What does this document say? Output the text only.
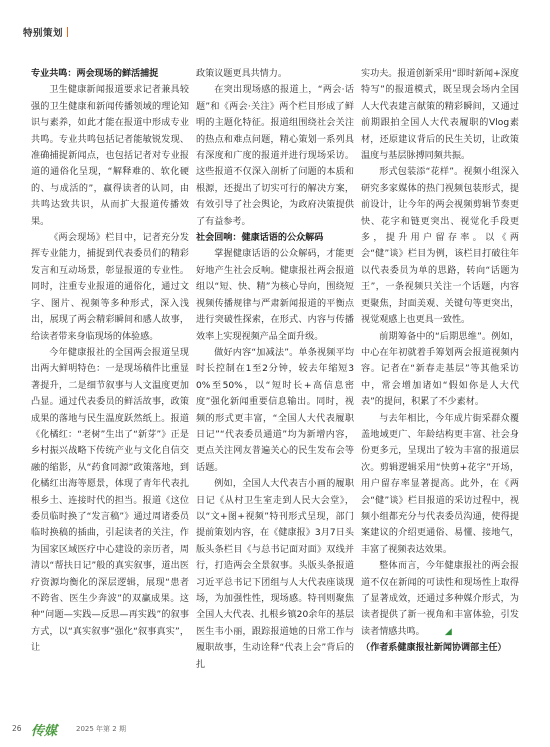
特别策划
专业共鸣：两会现场的鲜活捕捉

卫生健康新闻报道要求记者兼具较强的卫生健康和新闻传播领域的理论知识与素养，如此才能在报道中形成专业共鸣。专业共鸣包括记者能敏锐发现、准确捕捉新闻点，也包括记者对专业报道的通俗化呈现，“解释难的、软化硬的、与成活的”，赢得读者的认同，由共鸣达致共识，从而扩大报道传播效果。

《两会现场》栏目中，记者充分发挥专业能力，捕捉到代表委员们的精彩发言和互动场景，彰显报道的专业性。同时，注重专业报道的通俗化，通过文字、图片、视频等多种形式，深入浅出，展现了两会精彩瞬间和感人故事，给读者带来身临现场的体验感。

今年健康报社的全国两会报道呈现出两大鲜明特色：一是现场稿件比重显著提升，二是细节叙事与人文温度更加凸显。通过代表委员的鲜活故事，政策成果的落地与民生温度跃然纸上。报道《化橘红：“老树”生出了“新芽”》正是乡村振兴战略下传统产业与文化自信交融的缩影，从“药食同源”政策落地，到化橘红出海等愿景，体现了青年代表扎根乡土、连接时代的担当。报道《这位委员临时换了“发言稿”》通过周诸委员临时换稿的插曲，引起读者的关注，作为国家区域医疗中心建设的亲历者，周清以“帮扶日记”般的真实叙事，道出医疗资源均衡化的深层逻辑，展现“患者不跨省、医生少奔波”的双赢成果。这种“问题—实践—反思—再实践”的叙事方式，以“真实叙事”强化“叙事真实”，让

政策议题更具共情力。

在突出现场感的报道上，“两会·话题”和《两会·关注》两个栏目形成了鲜明的主题化特征。报道组围绕社会关注的热点和难点问题，精心策划一系列具有深度和广度的报道并进行现场采访。这些报道不仅深入剖析了问题的本质和根源，还提出了切实可行的解决方案，有效引导了社会舆论，为政府决策提供了有益参考。

社会回响：健康话语的公众解码

掌握健康话语的公众解码，才能更好地产生社会反响。健康报社两会报道组以“短、快、精”为核心导向，围绕短视频传播规律与严肃新闻报道的平衡点进行突破性探索，在形式、内容与传播效率上实现视频产品全面升级。

做好内容“加减法”。单条视频平均时长控制在1至2分钟，较去年缩短30%至50%，以“短时长+高信息密度”强化新闻重要信息输出。同时，视频的形式更丰富，“全国人大代表履职日记”“代表委员通道”均为新增内容，更点关注网友普遍关心的民生发布会等话题。

例如，全国人大代表吉小画的履职日记《从村卫生室走到人民大会堂》，以“文+图+视频”特刊形式呈现，部门提前策划内容，在《健康报》3月7日头版头条栏目《与总书记面对面》双线并行，打造两会全景叙事。头版头条报道习近平总书记下团组与人大代表座谈现场，为加强性性，现场感。特刊则聚焦全国人大代表、扎根乡镇20余年的基层医生韦小丽，跟踪报道她的日常工作与履职故事，生动诠释“代表上会”背后的扎

实功夫。报道创新采用“即时新闻+深度特写”的报道模式，既呈现会场内全国人大代表建言献策的精彩瞬间，又通过前期跟拍全国人大代表履职的Vlog素材，还原建议背后的民生关切，让政策温度与基层脉搏同频共振。

形式包装添“花样”。视频小组深入研究多家媒体的热门视频包装形式，提前设计，让今年的两会视频剪辑节奏更快、花字和链更突出、视觉化手段更多，提升用户留存率。以《两会“健”谈》栏目为例，该栏目打破往年以代表委员为单的思路，转向“话题为王”，一条视频只关注一个话题，内容更聚焦，封面美观、关键句等更突出，视觉观感上也更具一致性。

前期筹备中的“后期思维”。例如，中心在年初就着手筹划两会报道视频内容。记者在“新春走基层”等其他采访中，常会增加诸如“假如你是人大代表”的提问，积累了不少素材。

与去年相比，今年成片街采群众覆盖地域更广、年龄结构更丰富、社会身份更多元，呈现出了较为丰富的报道层次。剪辑逻辑采用“快剪+花字”开场，用户留存率显著提高。此外，在《两会“健”谈》栏目报道的采访过程中，视频小组都充分与代表委员沟通，使得提案建议的介绍更通俗、易懂、接地气，丰富了视频表达效果。

整体而言，今年健康报社的两会报道不仅在新闻的可读性和现场性上取得了显著成效，还通过多种媒介形式，为读者提供了新一视角和丰富体验，引发读者情感共鸣。 ◢

（作者系健康报社新闻协调部主任）

26 传媒	2025 年第 2 期
